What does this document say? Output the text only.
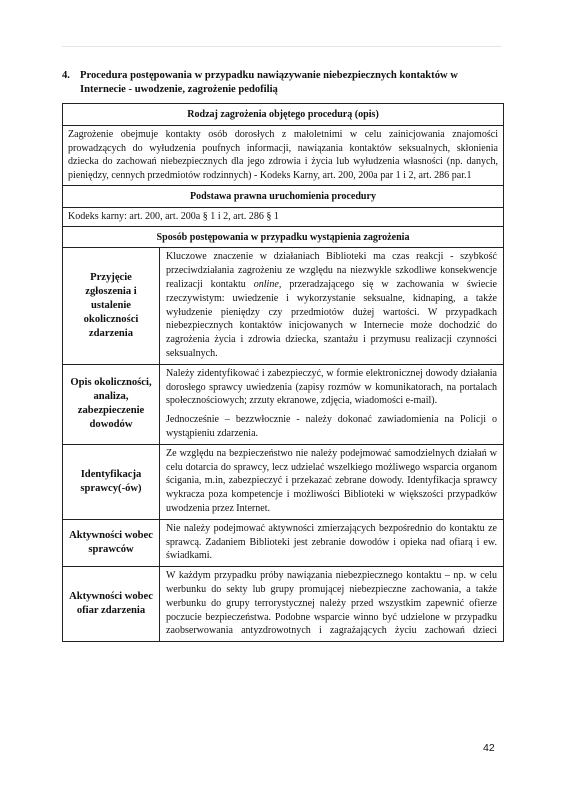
4. Procedura postępowania w przypadku nawiązywanie niebezpiecznych kontaktów w
Internecie - uwodzenie, zagrożenie pedofilią
Rodzaj zagrożenia objętego procedurą (opis)	
Zagrożenie obejmuje kontakty osób dorosłych z małoletnimi w celu zainicjowania znajomości prowadzących do wyłudzenia poufnych informacji, nawiązania kontaktów seksualnych, skłonienia dziecka do zachowań niebezpiecznych dla jego zdrowia i życia lub wyłudzenia własności (np. danych, pieniędzy, cennych przedmiotów rodzinnych) - Kodeks Karny, art. 200, 200a par 1 i 2, art. 286 par.1	
Podstawa prawna uruchomienia procedury	
Kodeks karny: art. 200, art. 200a § 1 i 2, art. 286 § 1	
Sposób postępowania w przypadku wystąpienia zagrożenia	
Przyjęcie zgłoszenia i ustalenie okoliczności zdarzenia	Kluczowe znaczenie w działaniach Biblioteki ma czas reakcji - szybkość przeciwdziałania zagrożeniu ze względu na niezwykle szkodliwe konsekwencje realizacji kontaktu online, przeradzającego się w zachowania w świecie rzeczywistym: uwiedzenie i wykorzystanie seksualne, kidnaping, a także wyłudzenie pieniędzy czy przedmiotów dużej wartości. W przypadkach niebezpiecznych kontaktów inicjowanych w Internecie może dochodzić do zagrożenia życia i zdrowia dziecka, szantażu i przymusu realizacji czynności seksualnych.
Opis okoliczności, analiza, zabezpieczenie dowodów	Należy zidentyfikować i zabezpieczyć, w formie elektronicznej dowody działania dorosłego sprawcy uwiedzenia (zapisy rozmów w komunikatorach, na portalach społecznościowych; zrzuty ekranowe, zdjęcia, wiadomości e-mail).

Jednocześnie – bezzwłocznie - należy dokonać zawiadomienia na Policji o wystąpieniu zdarzenia.

Identyfikacja sprawcy(-ów)	Ze względu na bezpieczeństwo nie należy podejmować samodzielnych działań w celu dotarcia do sprawcy, lecz udzielać wszelkiego możliwego wsparcia organom ścigania, m.in, zabezpieczyć i przekazać zebrane dowody. Identyfikacja sprawcy wykracza poza kompetencje i możliwości Biblioteki w większości przypadków uwodzenia przez Internet.
Aktywności wobec sprawców	Nie należy podejmować aktywności zmierzających bezpośrednio do kontaktu ze sprawcą. Zadaniem Biblioteki jest zebranie dowodów i opieka nad ofiarą i ew. świadkami.
Aktywności wobec ofiar zdarzenia	W każdym przypadku próby nawiązania niebezpiecznego kontaktu – np. w celu werbunku do sekty lub grupy promującej niebezpieczne zachowania, a także werbunku do grupy terrorystycznej należy przed wszystkim zapewnić ofierze poczucie bezpieczeństwa. Podobne wsparcie winno być udzielone w przypadku zaobserwowania antyzdrowotnych i zagrażających życiu zachowań dzieci
42
